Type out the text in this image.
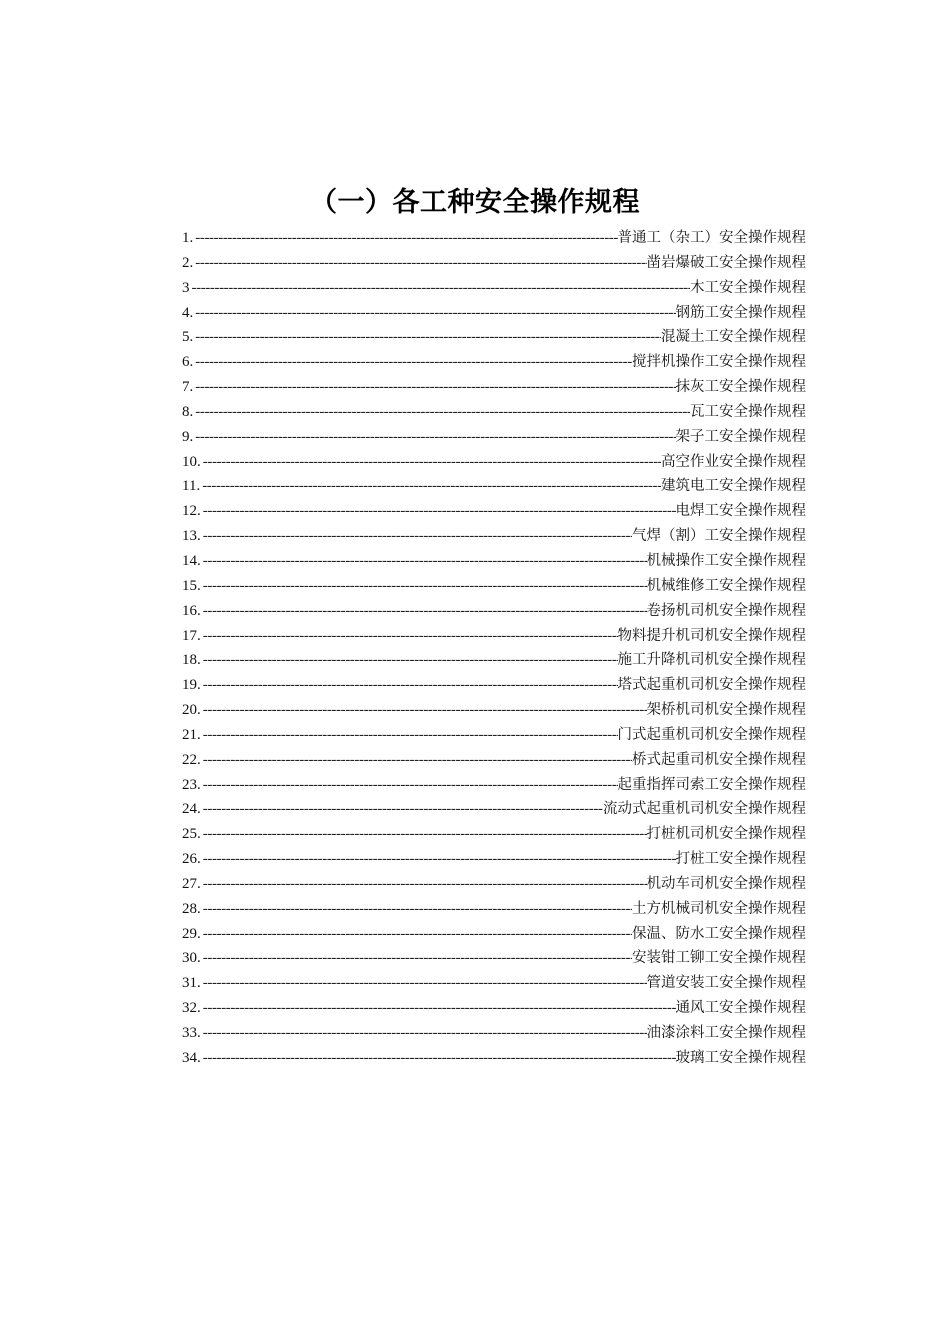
（一）各工种安全操作规程
1. -----	普通工（杂工）安全操作规程
2. -----	凿岩爆破工安全操作规程
3 -----	木工安全操作规程
4. -----	钢筋工安全操作规程
5. -----	混凝土工安全操作规程
6. -----	搅拌机操作工安全操作规程
7. -----	抹灰工安全操作规程
8. -----	瓦工安全操作规程
9. -----	架子工安全操作规程
10. -----	高空作业安全操作规程
11. -----	建筑电工安全操作规程
12. -----	电焊工安全操作规程
13. -----	气焊（割）工安全操作规程
14. -----	机械操作工安全操作规程
15. -----	机械维修工安全操作规程
16. -----	卷扬机司机安全操作规程
17. -----	物料提升机司机安全操作规程
18. -----	施工升降机司机安全操作规程
19. -----	塔式起重机司机安全操作规程
20. -----	架桥机司机安全操作规程
21. -----	门式起重机司机安全操作规程
22. -----	桥式起重司机安全操作规程
23. -----	起重指挥司索工安全操作规程
24. -----	流动式起重机司机安全操作规程
25. -----	打桩机司机安全操作规程
26. -----	打桩工安全操作规程
27. -----	机动车司机安全操作规程
28. -----	土方机械司机安全操作规程
29. -----	保温、防水工安全操作规程
30. -----	安装钳工铆工安全操作规程
31. -----	管道安装工安全操作规程
32. -----	通风工安全操作规程
33. -----	油漆涂料工安全操作规程
34. -----	玻璃工安全操作规程
